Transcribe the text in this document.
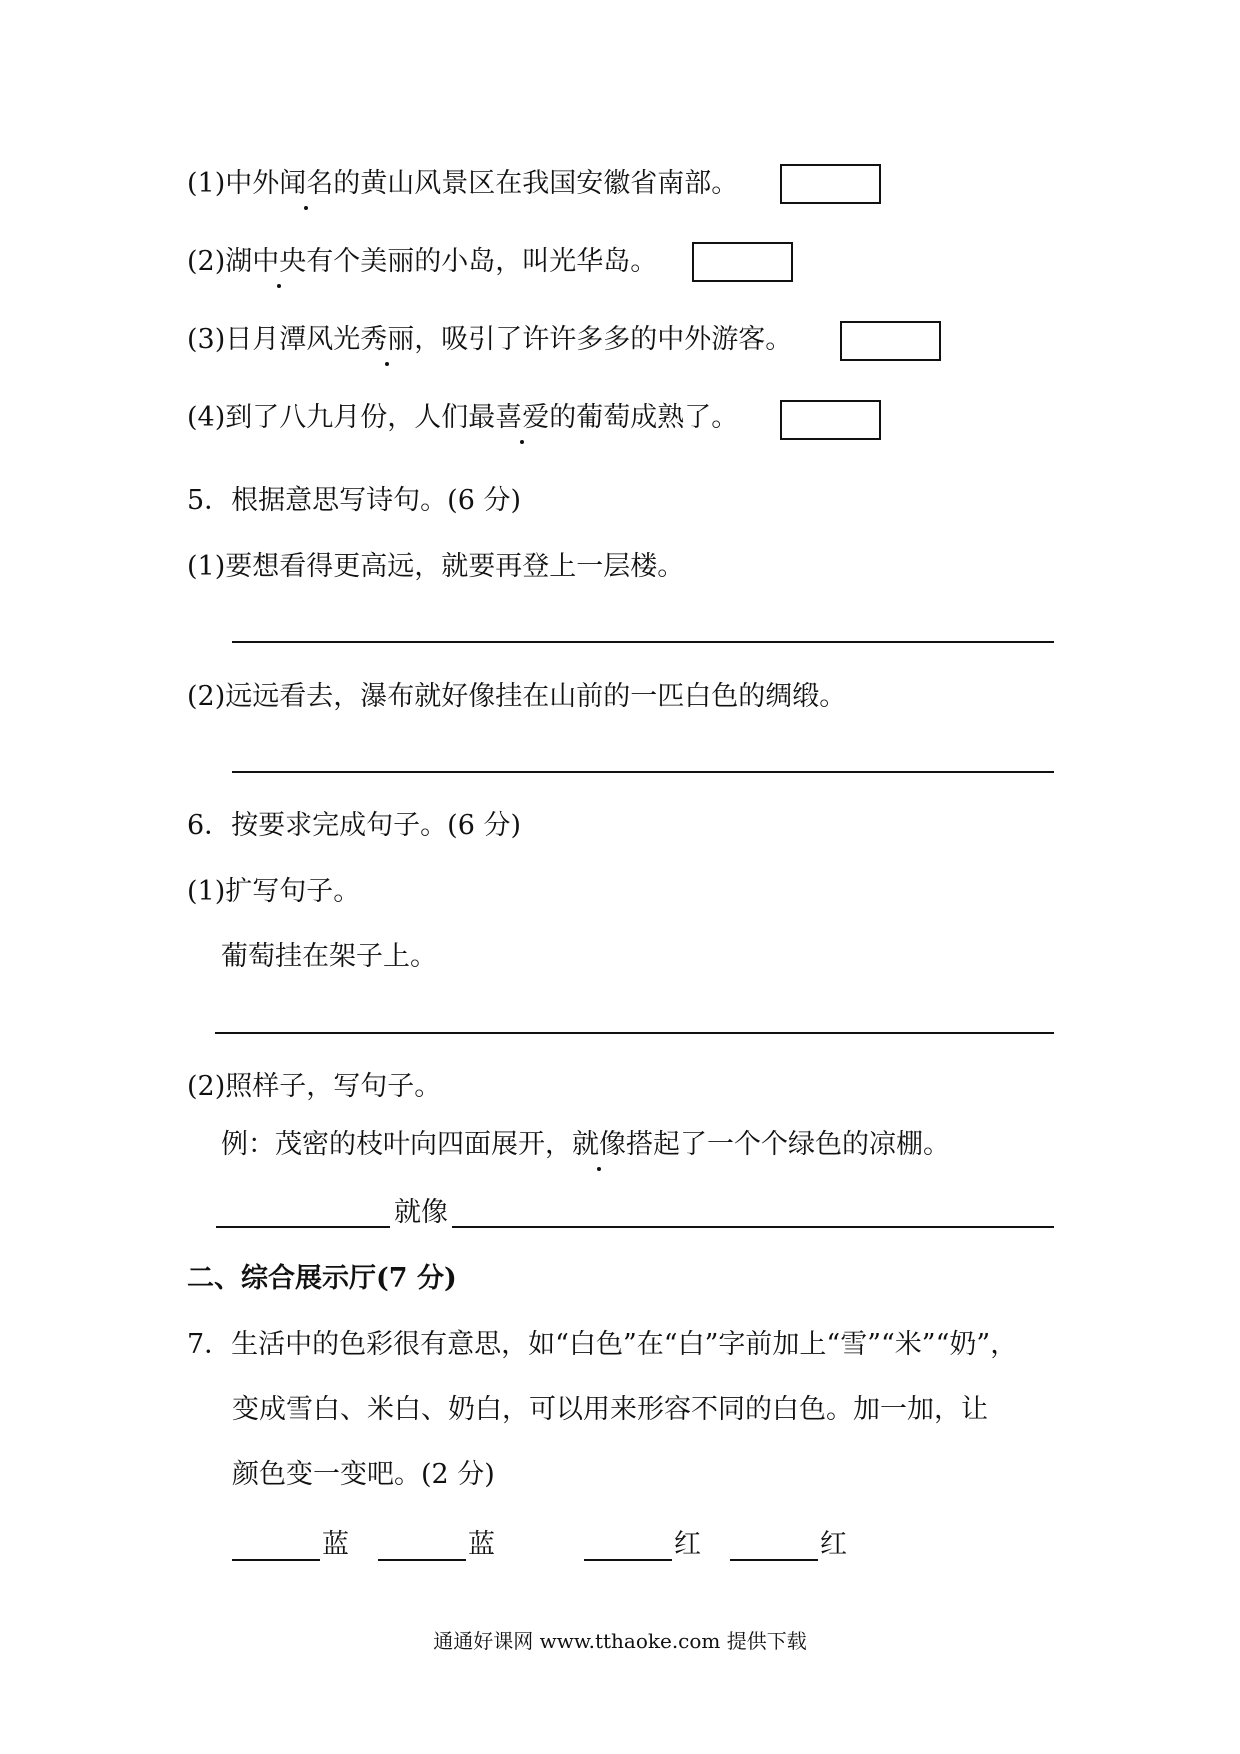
(1)中外闻名的黄山风景区在我国安徽省南部。
(2)湖中央有个美丽的小岛，叫光华岛。
(3)日月潭风光秀丽，吸引了许许多多的中外游客。
(4)到了八九月份，人们最喜爱的葡萄成熟了。
5．根据意思写诗句。(6 分)
(1)要想看得更高远，就要再登上一层楼。
(2)远远看去，瀑布就好像挂在山前的一匹白色的绸缎。
6．按要求完成句子。(6 分)
(1)扩写句子。
葡萄挂在架子上。
(2)照样子，写句子。
例：茂密的枝叶向四面展开，就像搭起了一个个绿色的凉棚。
就像
二、综合展示厅(7 分)
7．生活中的色彩很有意思，如“白色”在“白”字前加上“雪”“米”“奶”，
变成雪白、米白、奶白，可以用来形容不同的白色。加一加，让
颜色变一变吧。(2 分)
蓝	蓝	红	红
通通好课网 www.tthaoke.com 提供下载
